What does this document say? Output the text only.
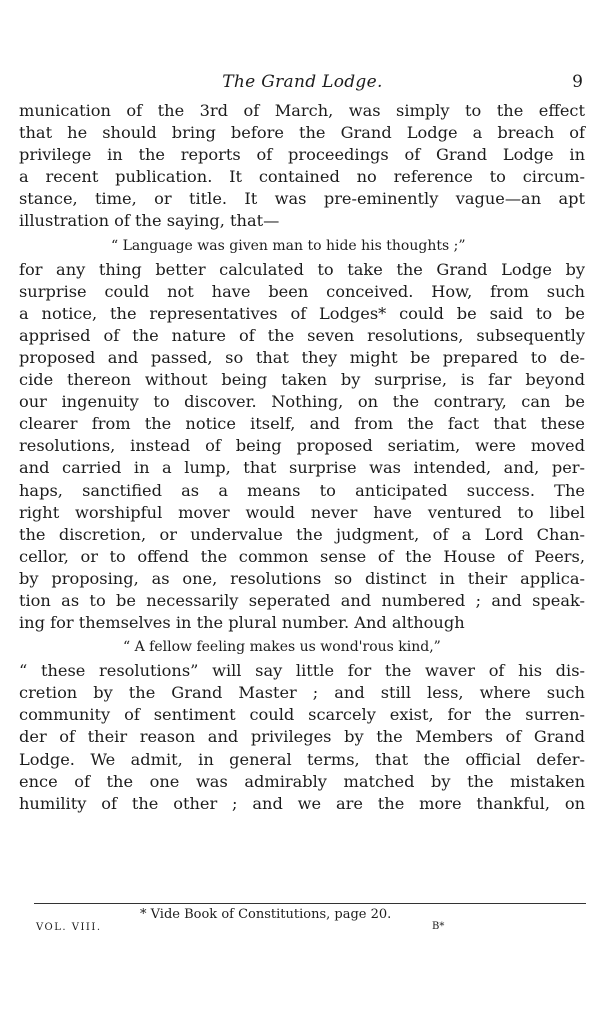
The Grand Lodge.	9
munication of the 3rd of March, was simply to the effect
that he should bring before the Grand Lodge a breach of
privilege in the reports of proceedings of Grand Lodge in
a recent publication. It contained no reference to circum-
stance, time, or title. It was pre-eminently vague—an apt
illustration of the saying, that—
“ Language was given man to hide his thoughts ;”
for any thing better calculated to take the Grand Lodge by
surprise could not have been conceived. How, from such
a notice, the representatives of Lodges* could be said to be
apprised of the nature of the seven resolutions, subsequently
proposed and passed, so that they might be prepared to de-
cide thereon without being taken by surprise, is far beyond
our ingenuity to discover. Nothing, on the contrary, can be
clearer from the notice itself, and from the fact that these
resolutions, instead of being proposed seriatim, were moved
and carried in a lump, that surprise was intended, and, per-
haps, sanctified as a means to anticipated success. The
right worshipful mover would never have ventured to libel
the discretion, or undervalue the judgment, of a Lord Chan-
cellor, or to offend the common sense of the House of Peers,
by proposing, as one, resolutions so distinct in their applica-
tion as to be necessarily seperated and numbered ; and speak-
ing for themselves in the plural number. And although
“ A fellow feeling makes us wond'rous kind,”
“ these resolutions” will say little for the waver of his dis-
cretion by the Grand Master ; and still less, where such
community of sentiment could scarcely exist, for the surren-
der of their reason and privileges by the Members of Grand
Lodge. We admit, in general terms, that the official defer-
ence of the one was admirably matched by the mistaken
humility of the other ; and we are the more thankful, on
* Vide Book of Constitutions, page 20.
VOL. VIII.	B*
